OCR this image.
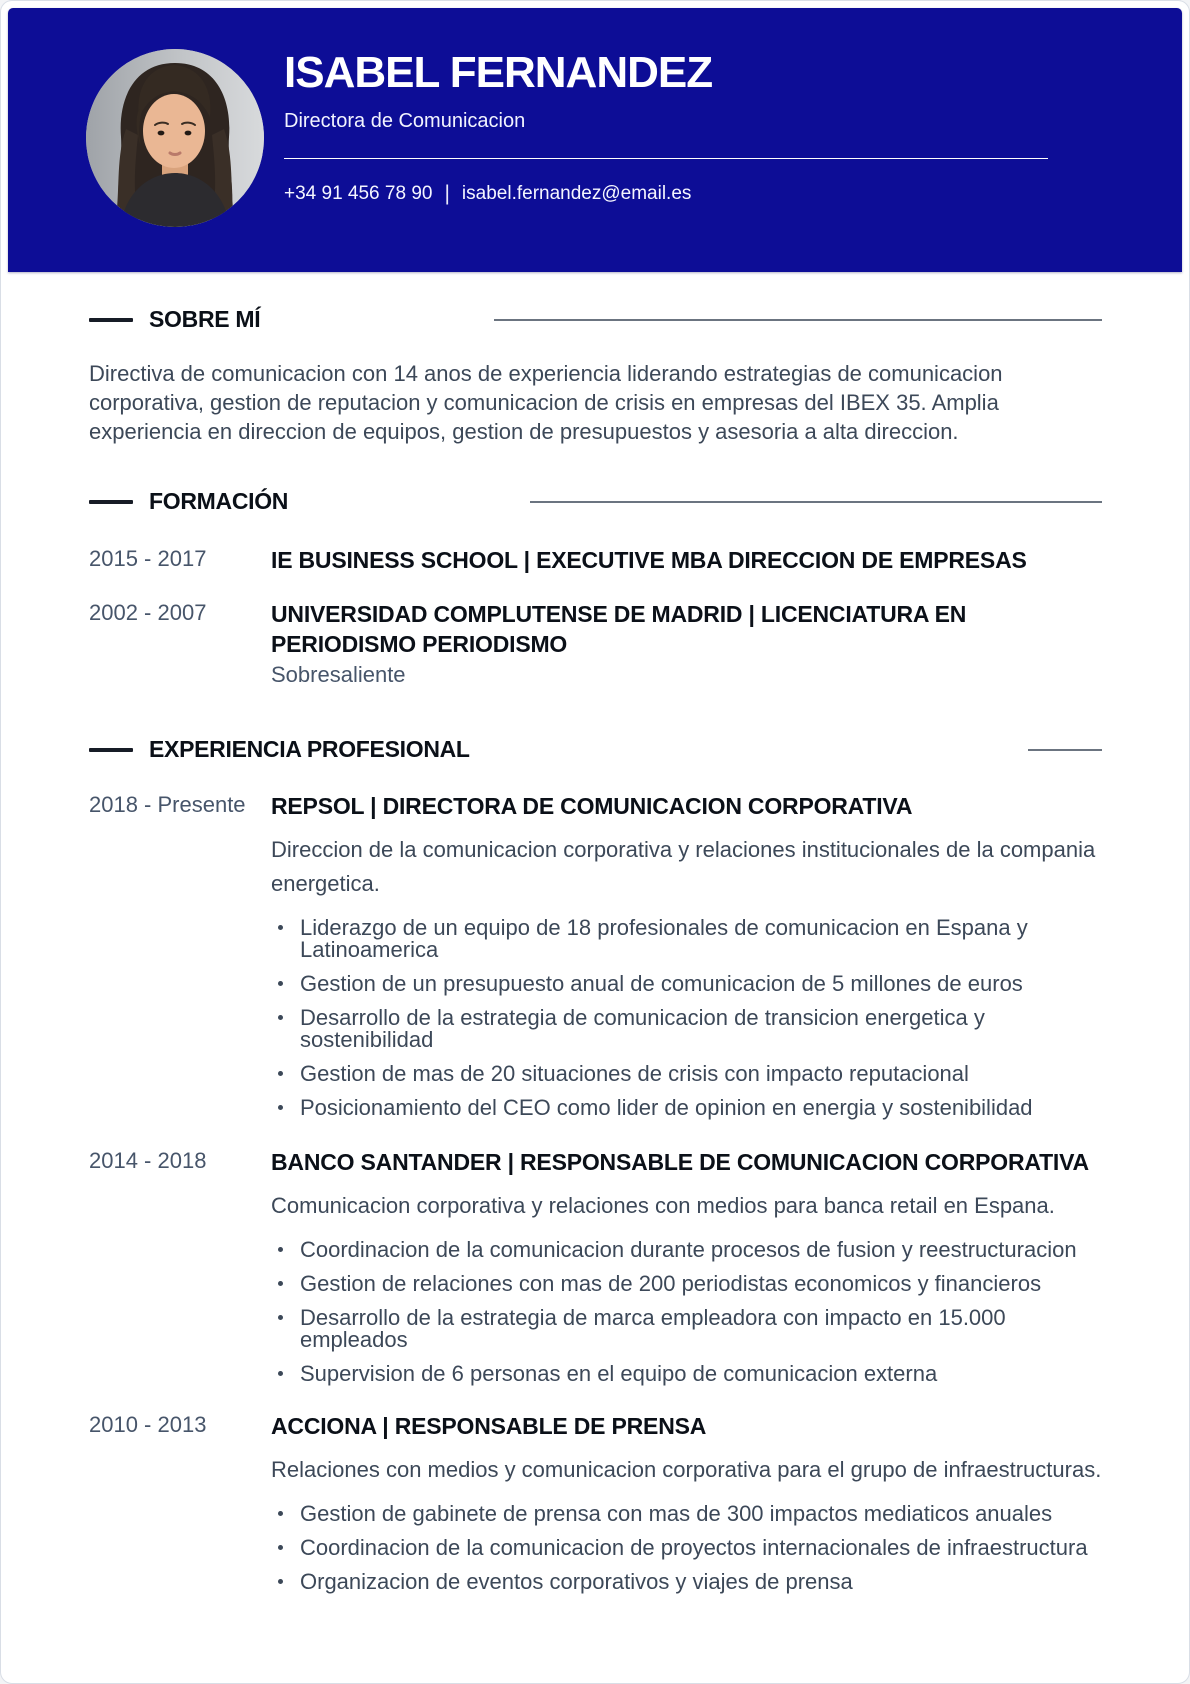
ISABEL FERNANDEZ
Directora de Comunicacion
+34 91 456 78 90 | isabel.fernandez@email.es
SOBRE MÍ

Directiva de comunicacion con 14 anos de experiencia liderando estrategias de comunicacion corporativa, gestion de reputacion y comunicacion de crisis en empresas del IBEX 35. Amplia experiencia en direccion de equipos, gestion de presupuestos y asesoria a alta direccion.

FORMACIÓN
2015 - 2017	IE BUSINESS SCHOOL | EXECUTIVE MBA DIRECCION DE EMPRESAS
2002 - 2007	UNIVERSIDAD COMPLUTENSE DE MADRID | LICENCIATURA EN PERIODISMO PERIODISMO
Sobresaliente
EXPERIENCIA PROFESIONAL
2018 - Presente	REPSOL | DIRECTORA DE COMUNICACION CORPORATIVA

Direccion de la comunicacion corporativa y relaciones institucionales de la compania energetica.

Liderazgo de un equipo de 18 profesionales de comunicacion en Espana y Latinoamerica
Gestion de un presupuesto anual de comunicacion de 5 millones de euros
Desarrollo de la estrategia de comunicacion de transicion energetica y sostenibilidad
Gestion de mas de 20 situaciones de crisis con impacto reputacional
Posicionamiento del CEO como lider de opinion en energia y sostenibilidad
2014 - 2018	BANCO SANTANDER | RESPONSABLE DE COMUNICACION CORPORATIVA

Comunicacion corporativa y relaciones con medios para banca retail en Espana.

Coordinacion de la comunicacion durante procesos de fusion y reestructuracion
Gestion de relaciones con mas de 200 periodistas economicos y financieros
Desarrollo de la estrategia de marca empleadora con impacto en 15.000 empleados
Supervision de 6 personas en el equipo de comunicacion externa
2010 - 2013	ACCIONA | RESPONSABLE DE PRENSA

Relaciones con medios y comunicacion corporativa para el grupo de infraestructuras.

Gestion de gabinete de prensa con mas de 300 impactos mediaticos anuales
Coordinacion de la comunicacion de proyectos internacionales de infraestructura
Organizacion de eventos corporativos y viajes de prensa
